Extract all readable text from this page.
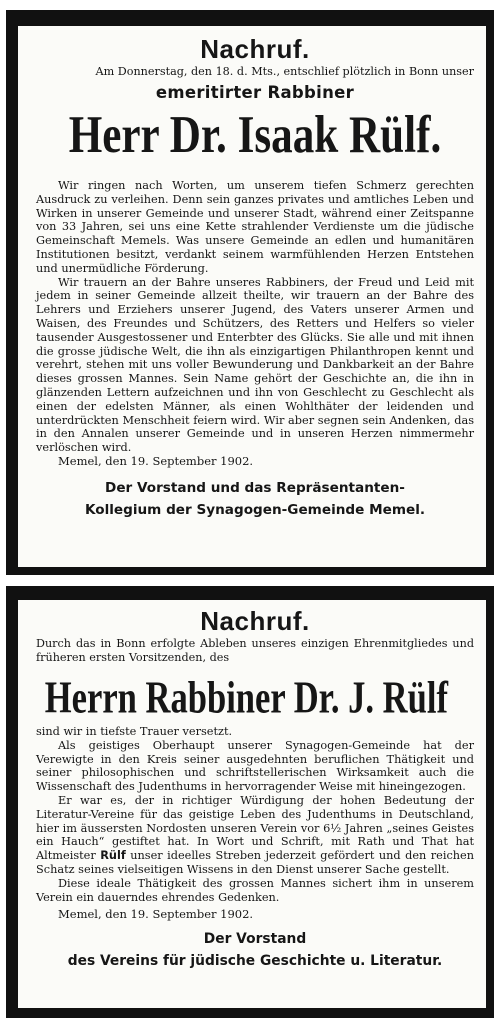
Nachruf.
Am Donnerstag, den 18. d. Mts., entschlief plötzlich in Bonn unser
emeritirter Rabbiner
Herr Dr. Isaak Rülf.

Wir ringen nach Worten, um unserem tiefen Schmerz gerechten Ausdruck zu verleihen. Denn sein ganzes privates und amtliches Leben und Wirken in unserer Gemeinde und unserer Stadt, während einer Zeitspanne von 33 Jahren, sei uns eine Kette strahlender Verdienste um die jüdische Gemeinschaft Memels. Was unsere Gemeinde an edlen und humanitären Institutionen besitzt, verdankt seinem warmfühlenden Herzen Entstehen und unermüdliche Förderung.

Wir trauern an der Bahre unseres Rabbiners, der Freud und Leid mit jedem in seiner Gemeinde allzeit theilte, wir trauern an der Bahre des Lehrers und Erziehers unserer Jugend, des Vaters unserer Armen und Waisen, des Freundes und Schützers, des Retters und Helfers so vieler tausender Ausgestossener und Enterbter des Glücks. Sie alle und mit ihnen die grosse jüdische Welt, die ihn als einzigartigen Philanthropen kennt und verehrt, stehen mit uns voller Bewunderung und Dankbarkeit an der Bahre dieses grossen Mannes. Sein Name gehört der Geschichte an, die ihn in glänzenden Lettern aufzeichnen und ihn von Geschlecht zu Geschlecht als einen der edelsten Männer, als einen Wohlthäter der leidenden und unterdrückten Menschheit feiern wird. Wir aber segnen sein Andenken, das in den Annalen unserer Gemeinde und in unseren Herzen nimmermehr verlöschen wird.

Memel, den 19. September 1902.

Der Vorstand und das Repräsentanten-
Kollegium der Synagogen-Gemeinde Memel.
Nachruf.
Durch das in Bonn erfolgte Ableben unseres einzigen Ehrenmitgliedes und früheren ersten Vorsitzenden, des
Herrn Rabbiner Dr. J. Rülf

sind wir in tiefste Trauer versetzt.

Als geistiges Oberhaupt unserer Synagogen-Gemeinde hat der Verewigte in den Kreis seiner ausgedehnten beruflichen Thätigkeit und seiner philosophischen und schriftstellerischen Wirksamkeit auch die Wissenschaft des Judenthums in hervorragender Weise mit hineingezogen.

Er war es, der in richtiger Würdigung der hohen Bedeutung der Literatur-Vereine für das geistige Leben des Judenthums in Deutschland, hier im äussersten Nordosten unseren Verein vor 6½ Jahren „seines Geistes ein Hauch“ gestiftet hat. In Wort und Schrift, mit Rath und That hat Altmeister Rülf unser ideelles Streben jederzeit gefördert und den reichen Schatz seines vielseitigen Wissens in den Dienst unserer Sache gestellt.

Diese ideale Thätigkeit des grossen Mannes sichert ihm in unserem Verein ein dauerndes ehrendes Gedenken.

Memel, den 19. September 1902.

Der Vorstand
des Vereins für jüdische Geschichte u. Literatur.
